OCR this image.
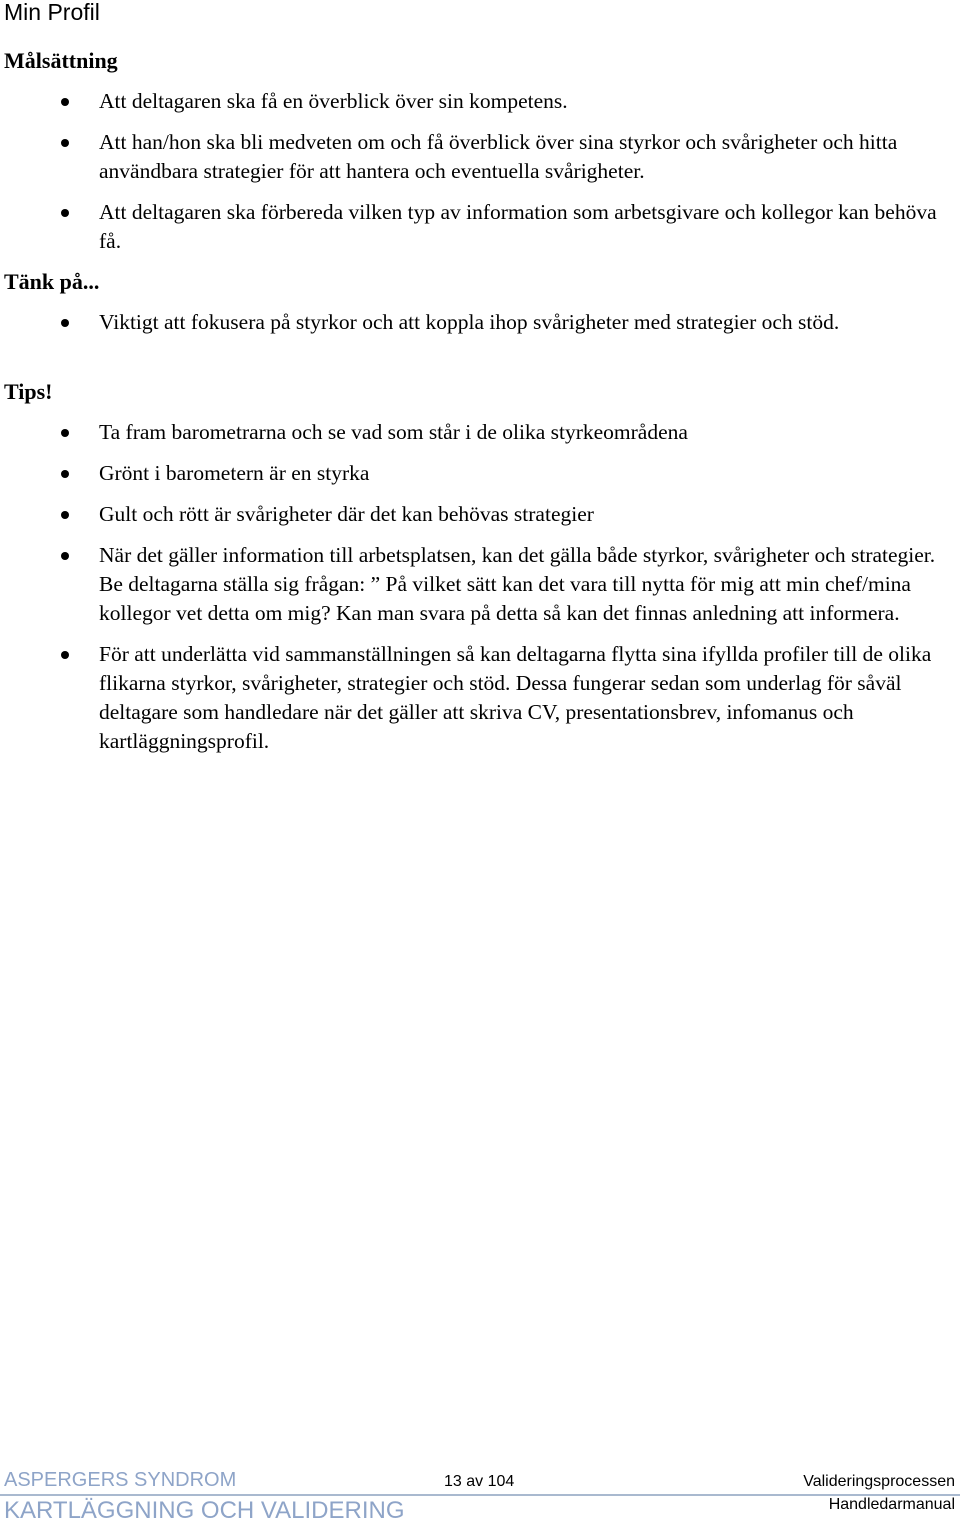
Min Profil
Målsättning
Att deltagaren ska få en överblick över sin kompetens.
Att han/hon ska bli medveten om och få överblick över sina styrkor och svårigheter och hitta användbara strategier för att hantera och eventuella svårigheter.
Att deltagaren ska förbereda vilken typ av information som arbetsgivare och kollegor kan behöva få.
Tänk på...
Viktigt att fokusera på styrkor och att koppla ihop svårigheter med strategier och stöd.
Tips!
Ta fram barometrarna och se vad som står i de olika styrkeområdena
Grönt i barometern är en styrka
Gult och rött är svårigheter där det kan behövas strategier
När det gäller information till arbetsplatsen, kan det gälla både styrkor, svårigheter och strategier. Be deltagarna ställa sig frågan: ” På vilket sätt kan det vara till nytta för mig att min chef/mina kollegor vet detta om mig? Kan man svara på detta så kan det finnas anledning att informera.
För att underlätta vid sammanställningen så kan deltagarna flytta sina ifyllda profiler till de olika flikarna styrkor, svårigheter, strategier och stöd. Dessa fungerar sedan som underlag för såväl deltagare som handledare när det gäller att skriva CV, presentationsbrev, infomanus och kartläggningsprofil.
ASPERGERS SYNDROM
KARTLÄGGNING OCH VALIDERING
13 av 104	Valideringsprocessen
Handledarmanual
